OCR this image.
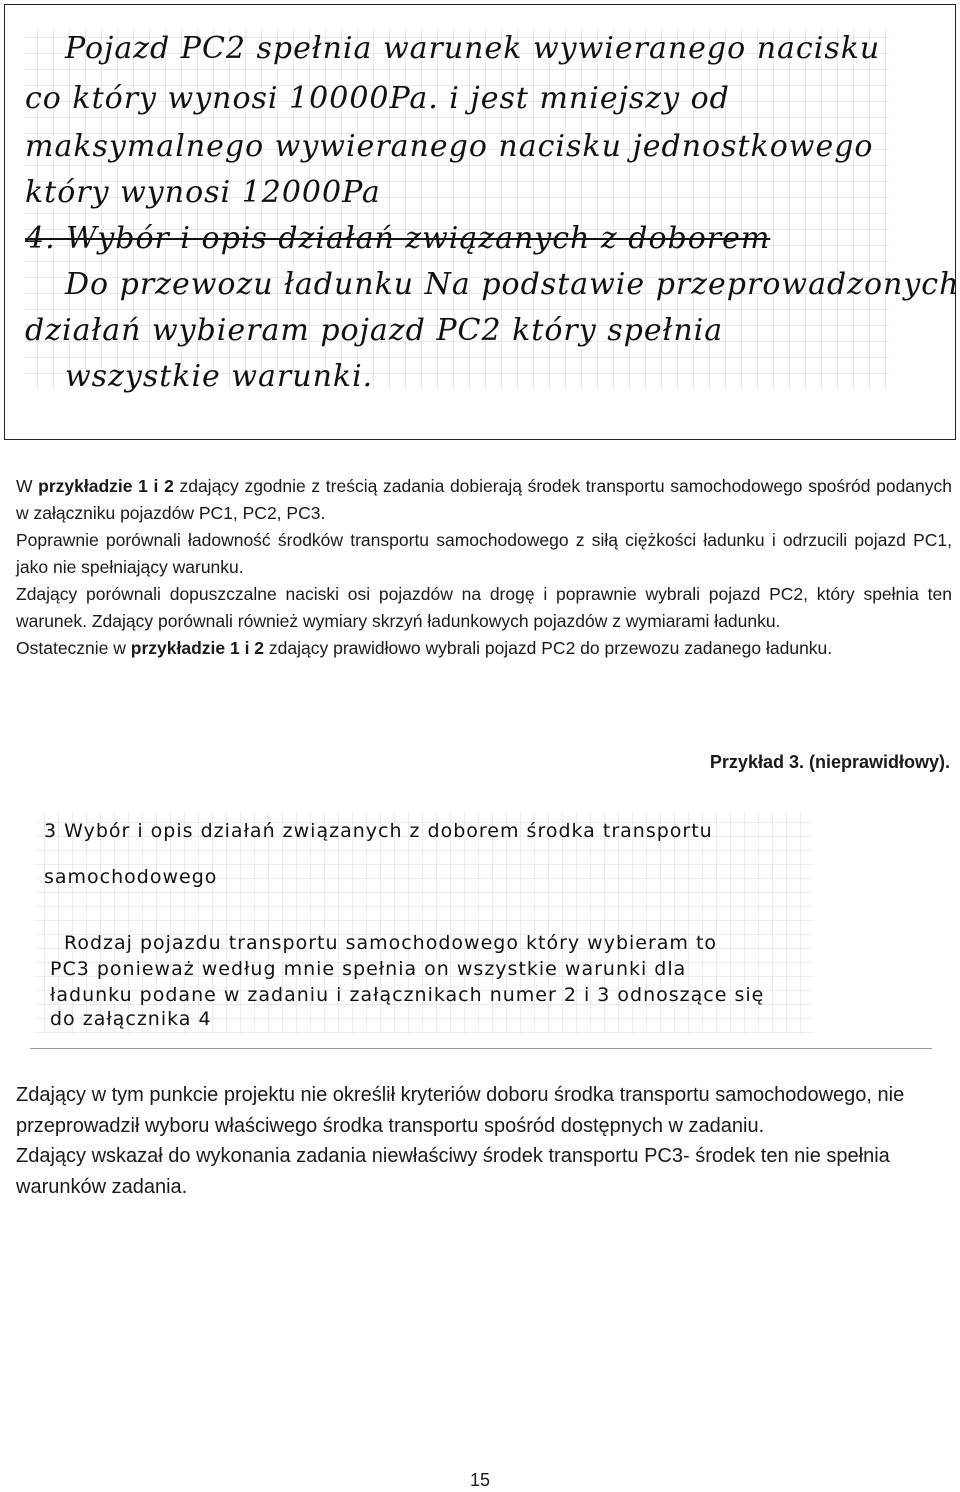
Pojazd PC2 spełnia warunek wywieranego nacisku
co który wynosi 10000Pa. i jest mniejszy od
maksymalnego wywieranego nacisku jednostkowego
który wynosi 12000Pa
4. Wybór i opis działań związanych z doborem
Do przewozu ładunku Na podstawie przeprowadzonych
działań wybieram pojazd PC2 który spełnia
wszystkie warunki.

W przykładzie 1 i 2 zdający zgodnie z treścią zadania dobierają środek transportu samochodowego spośród podanych w załączniku pojazdów PC1, PC2, PC3.

Poprawnie porównali ładowność środków transportu samochodowego z siłą ciężkości ładunku i odrzucili pojazd PC1, jako nie spełniający warunku.

Zdający porównali dopuszczalne naciski osi pojazdów na drogę i poprawnie wybrali pojazd PC2, który spełnia ten warunek. Zdający porównali również wymiary skrzyń ładunkowych pojazdów z wymiarami ładunku.

Ostatecznie w przykładzie 1 i 2 zdający prawidłowo wybrali pojazd PC2 do przewozu zadanego ładunku.

Przykład 3. (nieprawidłowy).
3 Wybór i opis działań związanych z doborem środka transportu
samochodowego
Rodzaj pojazdu transportu samochodowego który wybieram to
PC3 ponieważ według mnie spełnia on wszystkie warunki dla
ładunku podane w zadaniu i załącznikach numer 2 i 3 odnoszące się
do załącznika 4

Zdający w tym punkcie projektu nie określił kryteriów doboru środka transportu samochodowego, nie przeprowadził wyboru właściwego środka transportu spośród dostępnych w zadaniu.

Zdający wskazał do wykonania zadania niewłaściwy środek transportu PC3- środek ten nie spełnia warunków zadania.

15
